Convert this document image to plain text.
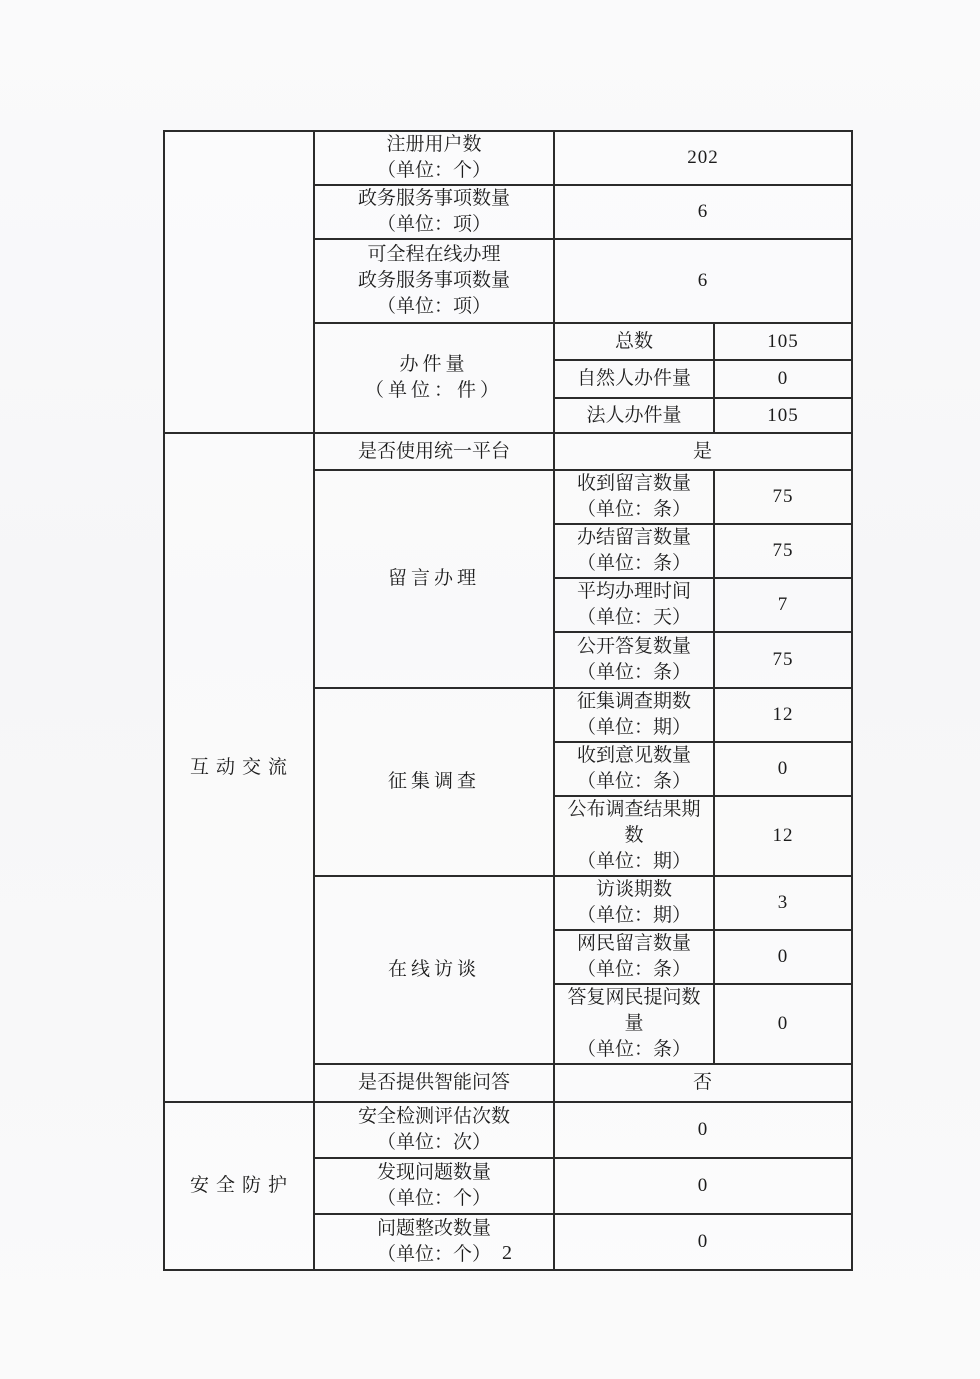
	注册用户数
（单位：个）	202	

	政务服务事项数量
（单位：项）	6	

	可全程在线办理
政务服务事项数量
（单位：项）	6	

	办件量
（单位：件）	总数	105
		自然人办件量	0
		法人办件量	105
互动交流	是否使用统一平台	是	
	留言办理	收到留言数量
（单位：条）	75

		办结留言数量
（单位：条）	75

		平均办理时间
（单位：天）	7

		公开答复数量
（单位：条）	75
	征集调查	征集调查期数
（单位：期）	12

		收到意见数量
（单位：条）	0

		公布调查结果期数
（单位：期）	12
	在线访谈	访谈期数
（单位：期）	3

		网民留言数量
（单位：条）	0

		答复网民提问数量
（单位：条）	0
	是否提供智能问答	否	
安全防护	安全检测评估次数
（单位：次）	0	

	发现问题数量
（单位：个）	0	

	问题整改数量
（单位：个）	0	
2
